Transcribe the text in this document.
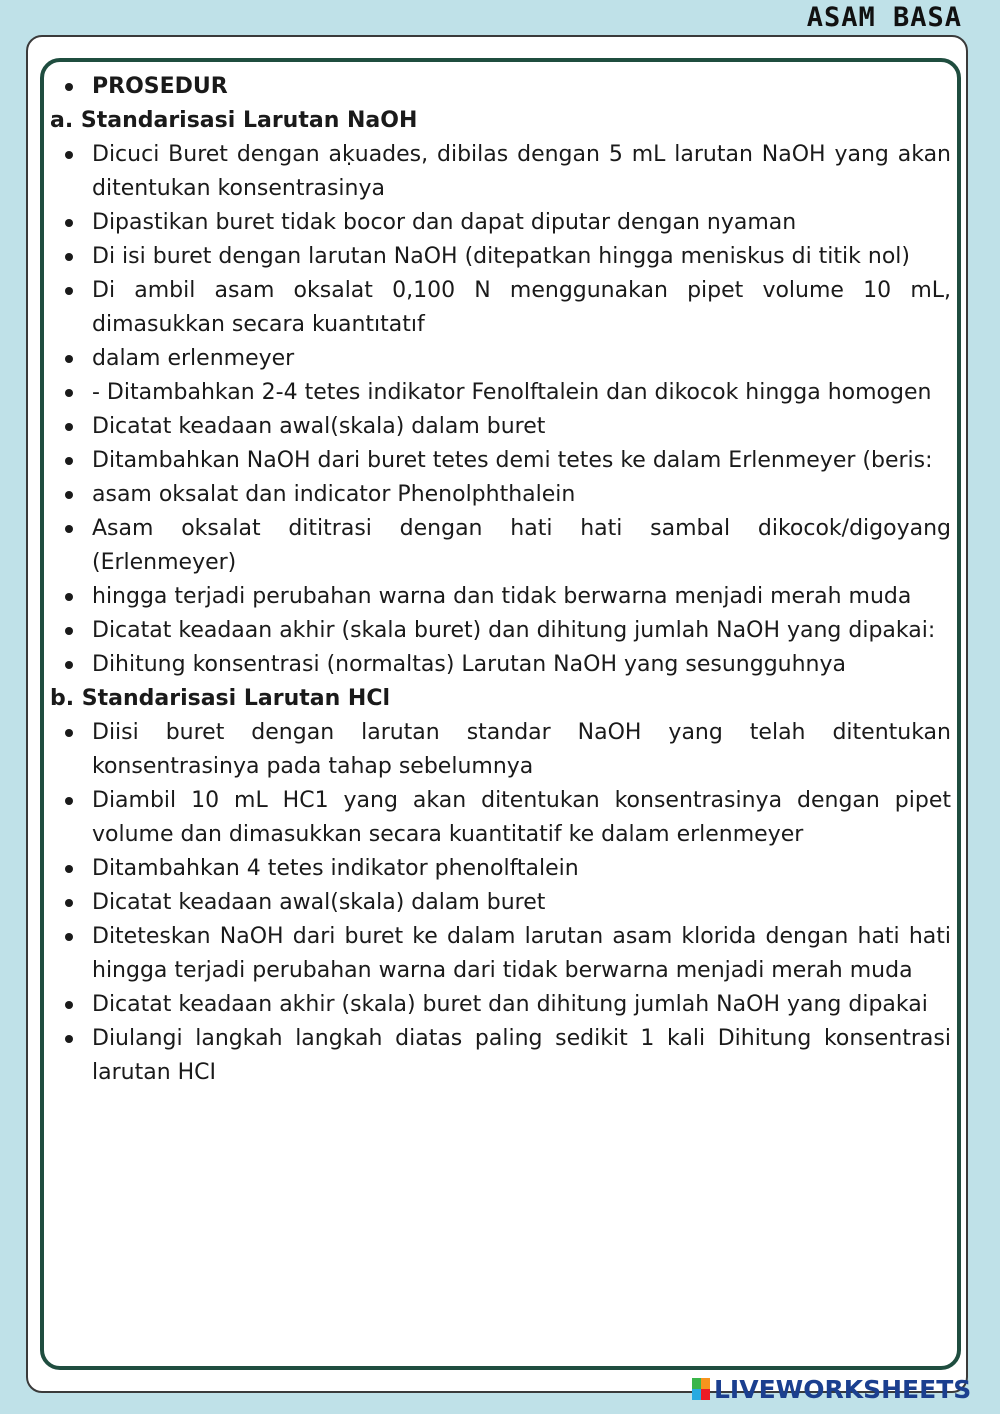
ASAM BASA
PROSEDUR
a. Standarisasi Larutan NaOH
Dicuci Buret dengan aḳuades, dibilas dengan 5 mL larutan NaOH yang akan ditentukan konsentrasinya
Dipastikan buret tidak bocor dan dapat diputar dengan nyaman
Di isi buret dengan larutan NaOH (ditepatkan hingga meniskus di titik nol)
Di ambil asam oksalat 0,100 N menggunakan pipet volume 10 mL, dimasukkan secara kuantıtatıf
dalam erlenmeyer
- Ditambahkan 2-4 tetes indikator Fenolftalein dan dikocok hingga homogen
Dicatat keadaan awal(skala) dalam buret
Ditambahkan NaOH dari buret tetes demi tetes ke dalam Erlenmeyer (beris:
asam oksalat dan indicator Phenolphthalein
Asam oksalat dititrasi dengan hati hati sambal dikocok/digoyang (Erlenmeyer)
hingga terjadi perubahan warna dan tidak berwarna menjadi merah muda
Dicatat keadaan akhir (skala buret) dan dihitung jumlah NaOH yang dipakai:
Dihitung konsentrasi (normaltas) Larutan NaOH yang sesungguhnya
b. Standarisasi Larutan HCl
Diisi buret dengan larutan standar NaOH yang telah ditentukan konsentrasinya pada tahap sebelumnya
Diambil 10 mL HC1 yang akan ditentukan konsentrasinya dengan pipet volume dan dimasukkan secara kuantitatif ke dalam erlenmeyer
Ditambahkan 4 tetes indikator phenolftalein
Dicatat keadaan awal(skala) dalam buret
Diteteskan NaOH dari buret ke dalam larutan asam klorida dengan hati hati hingga terjadi perubahan warna dari tidak berwarna menjadi merah muda
Dicatat keadaan akhir (skala) buret dan dihitung jumlah NaOH yang dipakai
Diulangi langkah langkah diatas paling sedikit 1 kali Dihitung konsentrasi larutan HCI
LIVEWORKSHEETS
